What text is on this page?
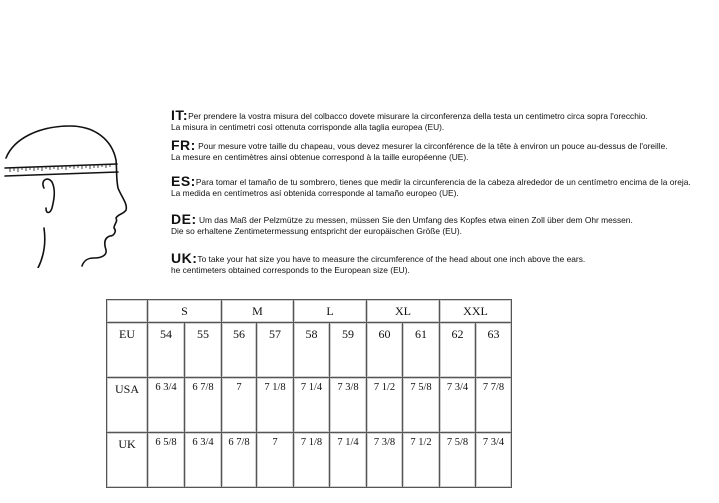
IT:Per prendere la vostra misura del colbacco dovete misurare la circonferenza della testa un centimetro circa sopra l'orecchio.
La misura in centimetri così ottenuta corrisponde alla taglia europea (EU).
FR: Pour mesure votre taille du chapeau, vous devez mesurer la circonférence de la tête à environ un pouce au-dessus de l'oreille.
La mesure en centimètres ainsi obtenue correspond à la taille européenne (UE).
ES:Para tomar el tamaño de tu sombrero, tienes que medir la circunferencia de la cabeza alrededor de un centímetro encima de la oreja.
La medida en centímetros así obtenida corresponde al tamaño europeo (UE).
DE: Um das Maß der Pelzmütze zu messen, müssen Sie den Umfang des Kopfes etwa einen Zoll über dem Ohr messen.
Die so erhaltene Zentimetermessung entspricht der europäischen Größe (EU).
UK:To take your hat size you have to measure the circumference of the head about one inch above the ears.
he centimeters obtained corresponds to the European size (EU).
	S		M		L		XL		XXL	
EU	54	55	56	57	58	59	60	61	62	63
USA	6 3/4	6 7/8	7	7 1/8	7 1/4	7 3/8	7 1/2	7 5/8	7 3/4	7 7/8
UK	6 5/8	6 3/4	6 7/8	7	7 1/8	7 1/4	7 3/8	7 1/2	7 5/8	7 3/4
